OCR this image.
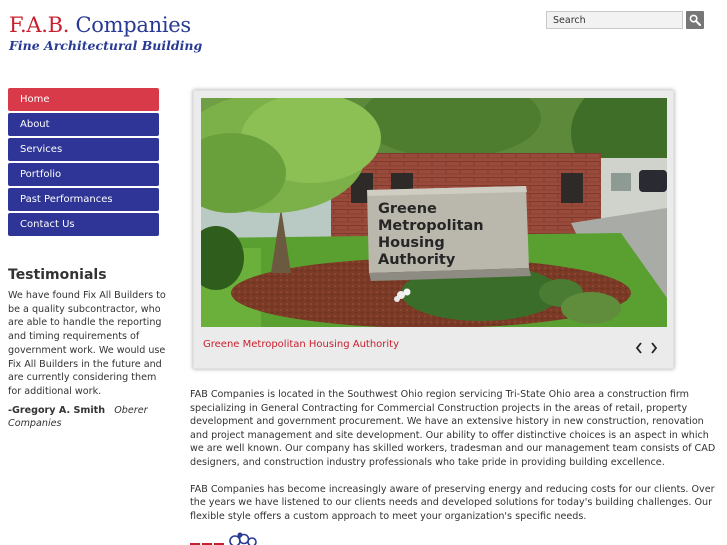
F.A.B. Companies
Fine Architectural Building
Search
Home
About
Services
Portfolio
Past Performances
Contact Us
Testimonials
We have found Fix All Builders to be a quality subcontractor, who are able to handle the reporting and timing requirements of government work. We would use Fix All Builders in the future and are currently considering them for additional work.
-Gregory A. Smith Oberer Companies
Greene
Metropolitan
Housing
Authority
Greene Metropolitan Housing Authority

FAB Companies is located in the Southwest Ohio region servicing Tri-State Ohio area a construction firm specializing in General Contracting for Commercial Construction projects in the areas of retail, property development and government procurement. We have an extensive history in new construction, renovation and project management and site development. Our ability to offer distinctive choices is an aspect in which we are well known. Our company has skilled workers, tradesman and our management team consists of CAD designers, and construction industry professionals who take pride in providing building excellence.

FAB Companies has become increasingly aware of preserving energy and reducing costs for our clients. Over the years we have listened to our clients needs and developed solutions for today's building challenges. Our flexible style offers a custom approach to meet your organization's specific needs.
